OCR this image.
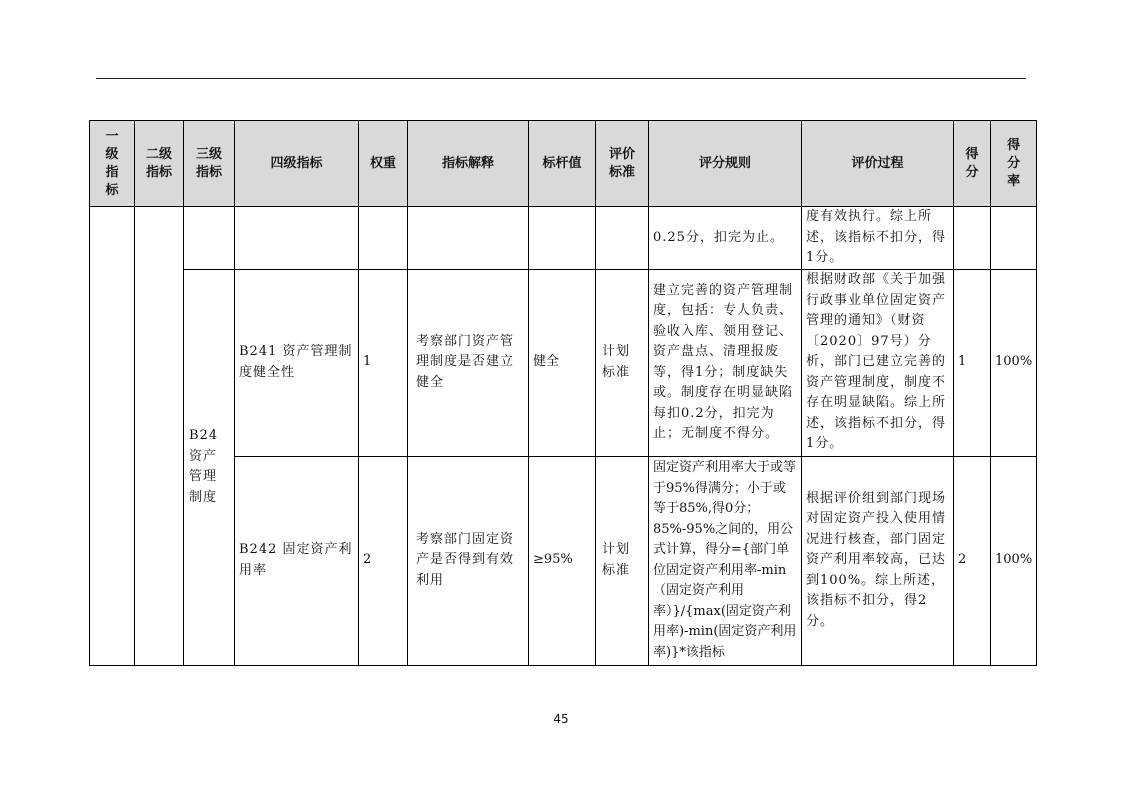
一级指标	二级指标	三级指标	四级指标	权重	指标解释	标杆值	评价标准	评分规则	评价过程	得分	得分率
								0.25分，扣完为止。	度有效执行。综上所述，该指标不扣分，得1分。		
		B24资产管理制度	B241 资产管理制度健全性	1	考察部门资产管理制度是否建立健全	健全	计划标准	建立完善的资产管理制度，包括：专人负责、验收入库、领用登记、资产盘点、清理报废等，得1分；制度缺失或。制度存在明显缺陷每扣0.2分，扣完为止；无制度不得分。	根据财政部《关于加强行政事业单位固定资产管理的通知》（财资〔2020〕97号）分析，部门已建立完善的资产管理制度，制度不存在明显缺陷。综上所述，该指标不扣分，得1分。	1	100%
			B242 固定资产利用率	2	考察部门固定资产是否得到有效利用	≥95%	计划标准	固定资产利用率大于或等于95%得满分；小于或等于85%,得0分；85%-95%之间的，用公式计算，得分={部门单位固定资产利用率-min（固定资产利用率）}/{max(固定资产利用率)-min(固定资产利用率)}*该指标	根据评价组到部门现场对固定资产投入使用情况进行核查，部门固定资产利用率较高，已达到100%。综上所述，该指标不扣分，得2分。	2	100%
45
